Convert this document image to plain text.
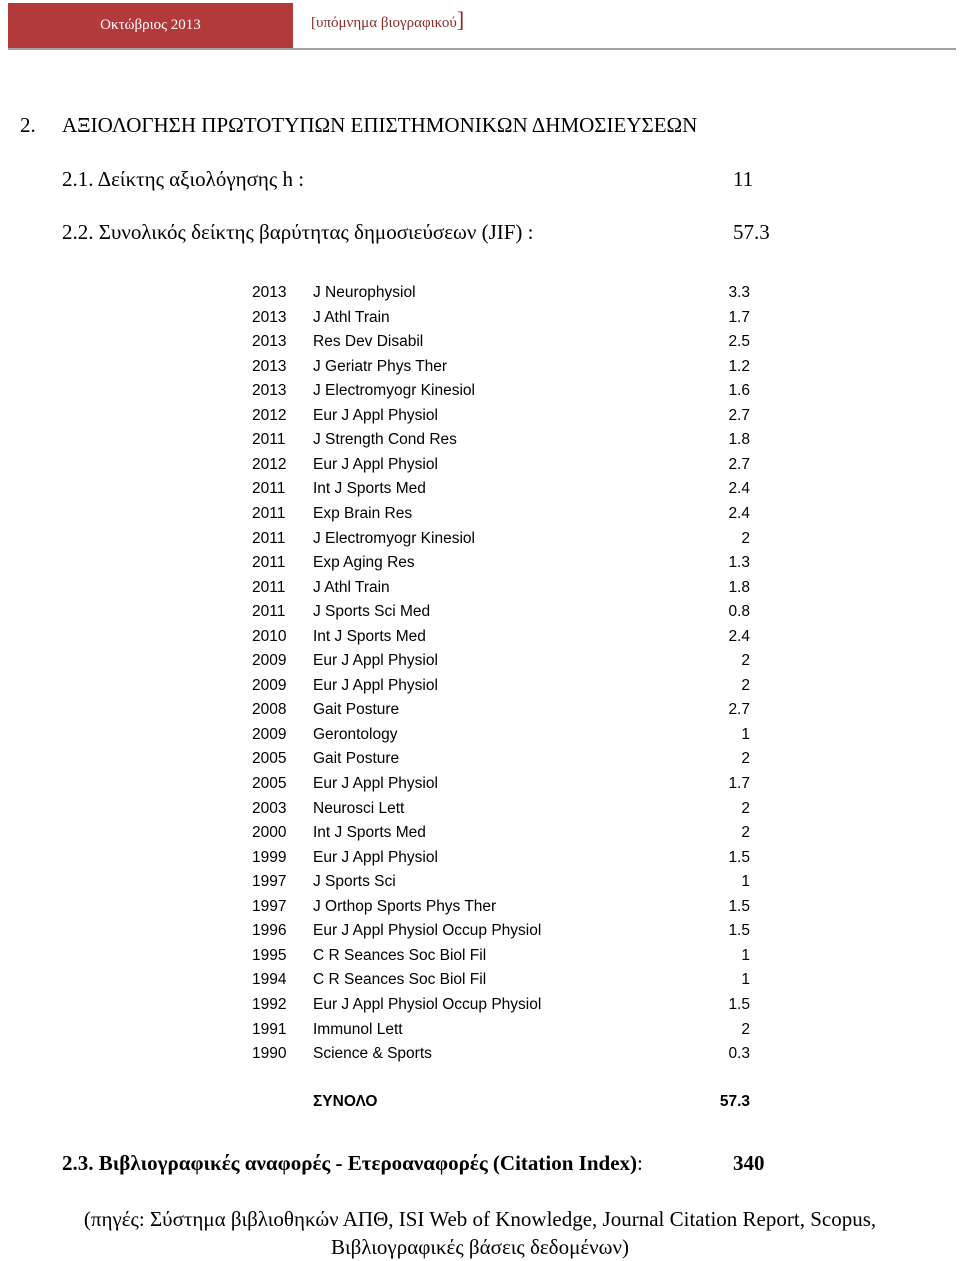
Οκτώβριος 2013	[υπόμνημα βιογραφικού]
2. ΑΞΙΟΛΟΓΗΣΗ ΠΡΩΤΟΤΥΠΩΝ ΕΠΙΣΤΗΜΟΝΙΚΩΝ ΔΗΜΟΣΙΕΥΣΕΩΝ
2.1. Δείκτης αξιολόγησης h :	11
2.2. Συνολικός δείκτης βαρύτητας δημοσιεύσεων (JIF) :	57.3
2013 J Neurophysiol	3.3
2013 J Athl Train	1.7
2013 Res Dev Disabil	2.5
2013 J Geriatr Phys Ther	1.2
2013 J Electromyogr Kinesiol	1.6
2012 Eur J Appl Physiol	2.7
2011 J Strength Cond Res	1.8
2012 Eur J Appl Physiol	2.7
2011 Int J Sports Med	2.4
2011 Exp Brain Res	2.4
2011 J Electromyogr Kinesiol	2
2011 Exp Aging Res	1.3
2011 J Athl Train	1.8
2011 J Sports Sci Med	0.8
2010 Int J Sports Med	2.4
2009 Eur J Appl Physiol	2
2009 Eur J Appl Physiol	2
2008 Gait Posture	2.7
2009 Gerontology	1
2005 Gait Posture	2
2005 Eur J Appl Physiol	1.7
2003 Neurosci Lett	2
2000 Int J Sports Med	2
1999 Eur J Appl Physiol	1.5
1997 J Sports Sci	1
1997 J Orthop Sports Phys Ther	1.5
1996 Eur J Appl Physiol Occup Physiol	1.5
1995 C R Seances Soc Biol Fil	1
1994 C R Seances Soc Biol Fil	1
1992 Eur J Appl Physiol Occup Physiol	1.5
1991 Immunol Lett	2
1990 Science & Sports	0.3
ΣΥΝΟΛΟ	57.3
2.3. Βιβλιογραφικές αναφορές - Ετεροαναφορές (Citation Index):	340
(πηγές: Σύστημα βιβλιοθηκών ΑΠΘ, ISI Web of Knowledge, Journal Citation Report, Scopus,
Βιβλιογραφικές βάσεις δεδομένων)
